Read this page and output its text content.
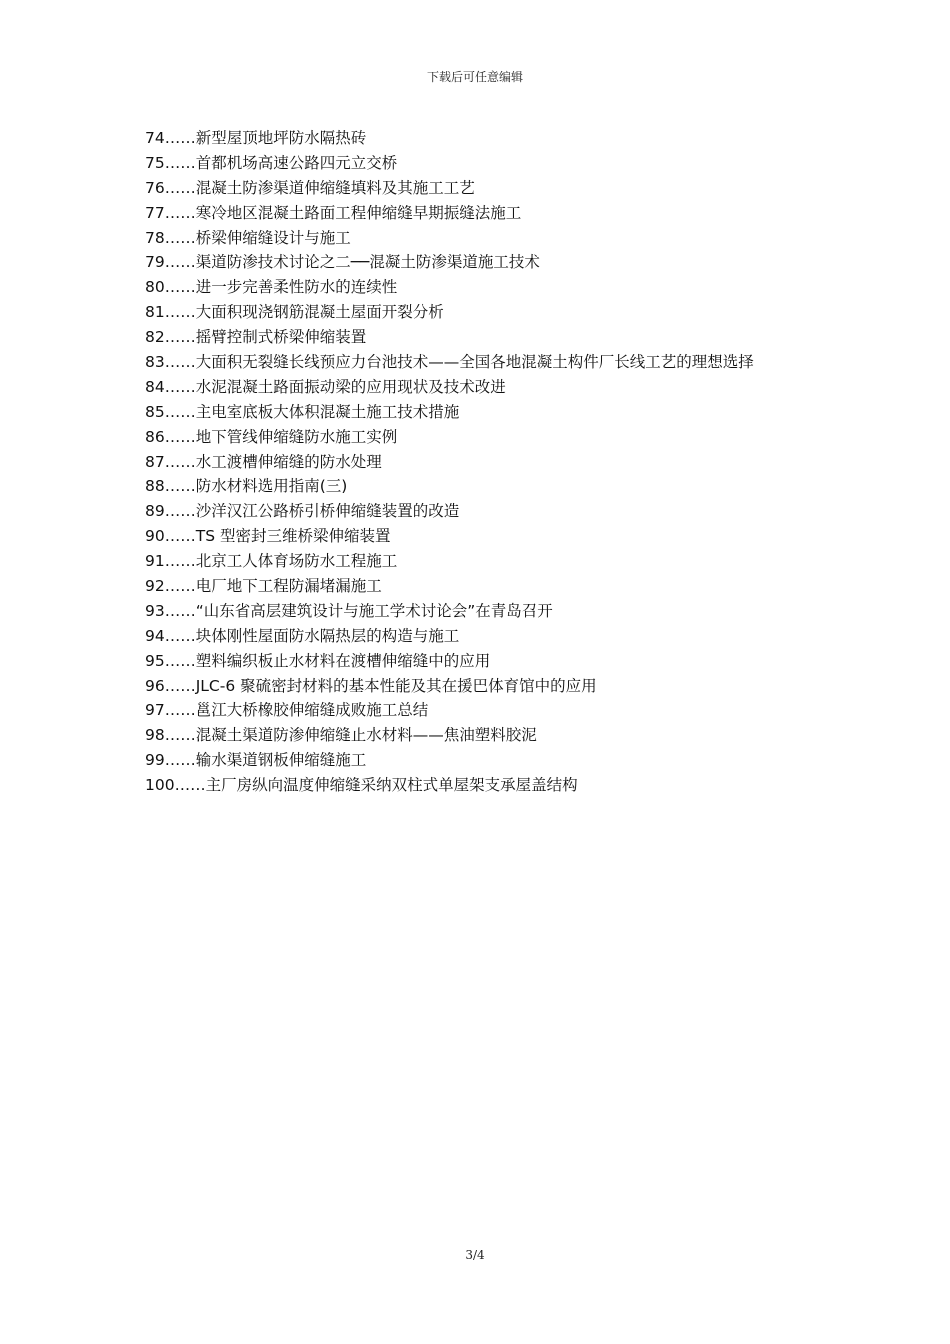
下载后可任意编辑
74……新型屋顶地坪防水隔热砖
75……首都机场高速公路四元立交桥
76……混凝土防渗渠道伸缩缝填料及其施工工艺
77……寒冷地区混凝土路面工程伸缩缝早期振缝法施工
78……桥梁伸缩缝设计与施工
79……渠道防渗技术讨论之二──混凝土防渗渠道施工技术
80……进一步完善柔性防水的连续性
81……大面积现浇钢筋混凝土屋面开裂分析
82……摇臂控制式桥梁伸缩装置
83……大面积无裂缝长线预应力台池技术——全国各地混凝土构件厂长线工艺的理想选择
84……水泥混凝土路面振动梁的应用现状及技术改进
85……主电室底板大体积混凝土施工技术措施
86……地下管线伸缩缝防水施工实例
87……水工渡槽伸缩缝的防水处理
88……防水材料选用指南(三)
89……沙洋汉江公路桥引桥伸缩缝装置的改造
90……TS 型密封三维桥梁伸缩装置
91……北京工人体育场防水工程施工
92……电厂地下工程防漏堵漏施工
93……“山东省高层建筑设计与施工学术讨论会”在青岛召开
94……块体刚性屋面防水隔热层的构造与施工
95……塑料编织板止水材料在渡槽伸缩缝中的应用
96……JLC-6 聚硫密封材料的基本性能及其在援巴体育馆中的应用
97……邕江大桥橡胶伸缩缝成败施工总结
98……混凝土渠道防渗伸缩缝止水材料——焦油塑料胶泥
99……输水渠道钢板伸缩缝施工
100……主厂房纵向温度伸缩缝采纳双柱式单屋架支承屋盖结构
3/4
